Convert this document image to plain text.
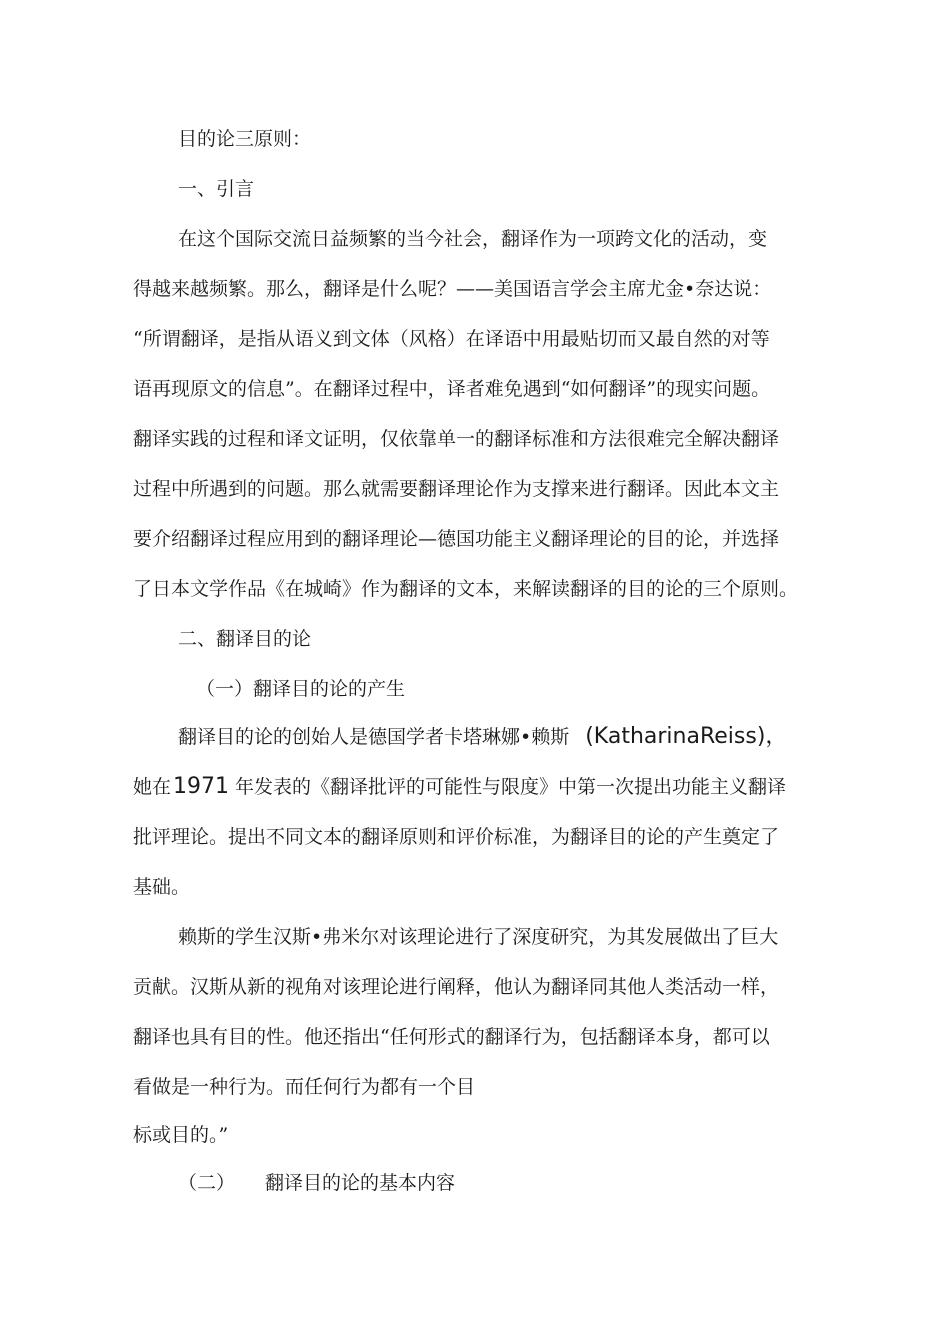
目的论三原则：
一、引言
在这个国际交流日益频繁的当今社会，翻译作为一项跨文化的活动，变
得越来越频繁。那么，翻译是什么呢？——美国语言学会主席尤金•奈达说：
“所谓翻译，是指从语义到文体（风格）在译语中用最贴切而又最自然的对等
语再现原文的信息”。在翻译过程中，译者难免遇到“如何翻译”的现实问题。
翻译实践的过程和译文证明，仅依靠单一的翻译标准和方法很难完全解决翻译
过程中所遇到的问题。那么就需要翻译理论作为支撑来进行翻译。因此本文主
要介绍翻译过程应用到的翻译理论—德国功能主义翻译理论的目的论，并选择
了日本文学作品《在城崎》作为翻译的文本，来解读翻译的目的论的三个原则。
二、翻译目的论
（一）翻译目的论的产生
翻译目的论的创始人是德国学者卡塔琳娜•赖斯 (KatharinaReiss)，
她在1971 年发表的《翻译批评的可能性与限度》中第一次提出功能主义翻译
批评理论。提出不同文本的翻译原则和评价标准，为翻译目的论的产生奠定了
基础。
赖斯的学生汉斯•弗米尔对该理论进行了深度研究，为其发展做出了巨大
贡献。汉斯从新的视角对该理论进行阐释，他认为翻译同其他人类活动一样，
翻译也具有目的性。他还指出“任何形式的翻译行为，包括翻译本身，都可以
看做是一种行为。而任何行为都有一个目
标或目的。”
（二） 翻译目的论的基本内容
